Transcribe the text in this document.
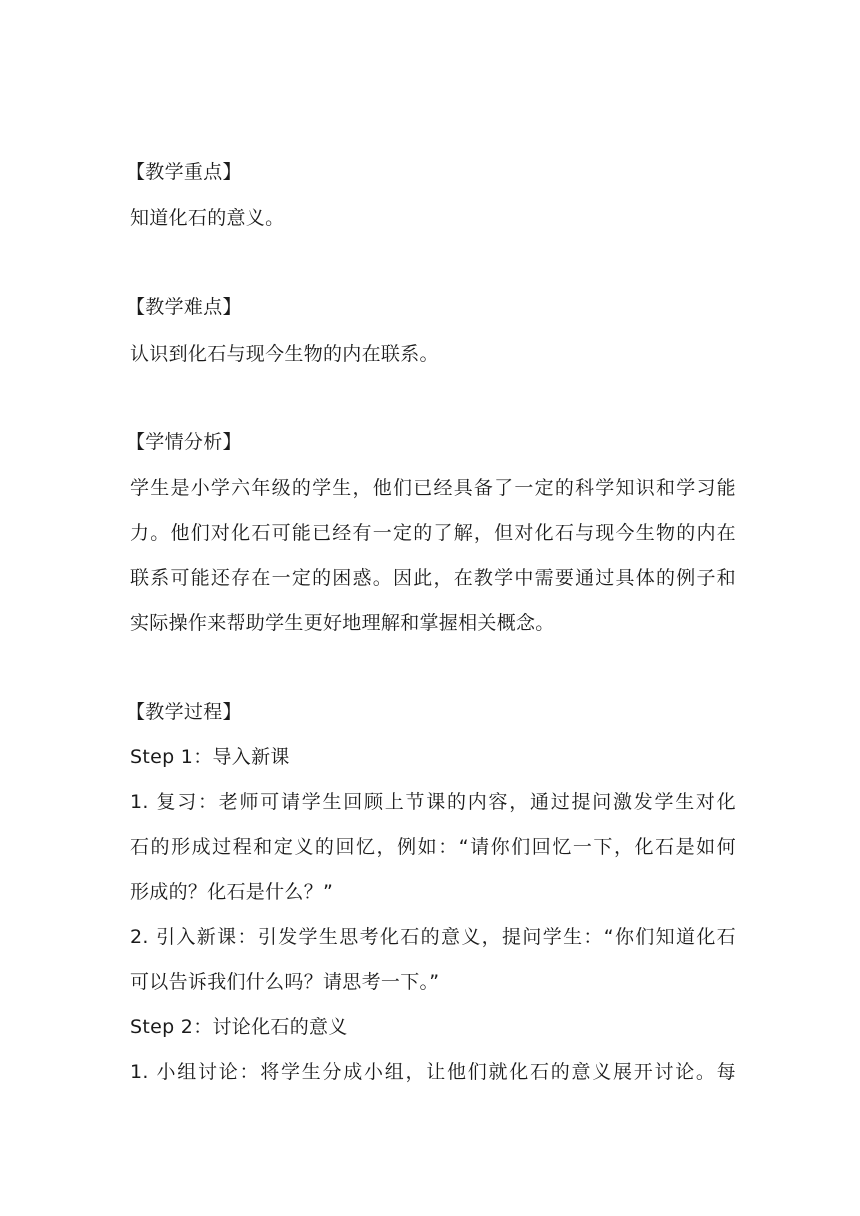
【教学重点】
知道化石的意义。
【教学难点】
认识到化石与现今生物的内在联系。
【学情分析】
学生是小学六年级的学生，他们已经具备了一定的科学知识和学习能
力。他们对化石可能已经有一定的了解，但对化石与现今生物的内在
联系可能还存在一定的困惑。因此，在教学中需要通过具体的例子和
实际操作来帮助学生更好地理解和掌握相关概念。
【教学过程】
Step 1：导入新课
1. 复习：老师可请学生回顾上节课的内容，通过提问激发学生对化
石的形成过程和定义的回忆，例如：“请你们回忆一下，化石是如何
形成的？化石是什么？”
2. 引入新课：引发学生思考化石的意义，提问学生：“你们知道化石
可以告诉我们什么吗？请思考一下。”
Step 2：讨论化石的意义
1. 小组讨论：将学生分成小组，让他们就化石的意义展开讨论。每
